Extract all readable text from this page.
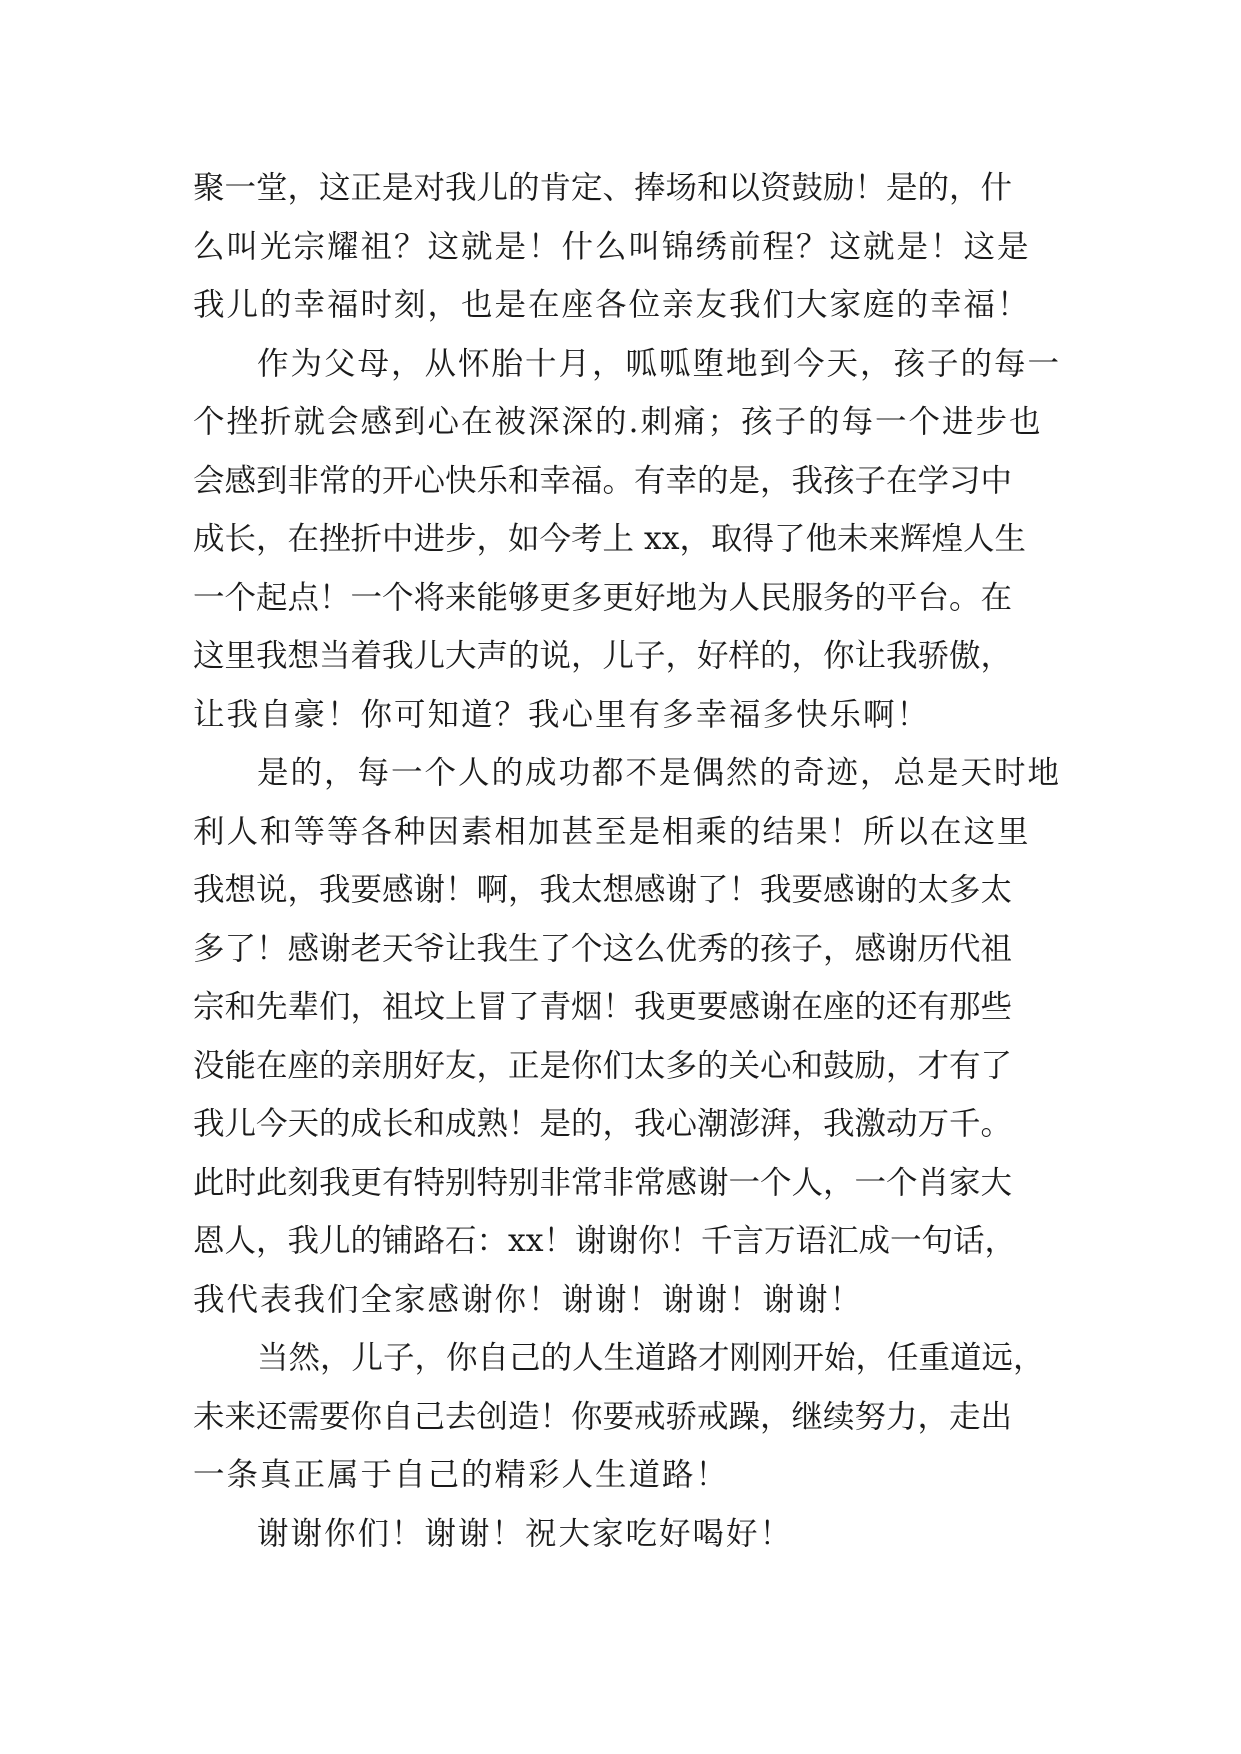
聚一堂，这正是对我儿的肯定、捧场和以资鼓励！是的，什
么叫光宗耀祖？这就是！什么叫锦绣前程？这就是！这是
我儿的幸福时刻，也是在座各位亲友我们大家庭的幸福！
作为父母，从怀胎十月，呱呱堕地到今天，孩子的每一
个挫折就会感到心在被深深的.刺痛；孩子的每一个进步也
会感到非常的开心快乐和幸福。有幸的是，我孩子在学习中
成长，在挫折中进步，如今考上 xx，取得了他未来辉煌人生
一个起点！一个将来能够更多更好地为人民服务的平台。在
这里我想当着我儿大声的说，儿子，好样的，你让我骄傲，
让我自豪！你可知道？我心里有多幸福多快乐啊！
是的，每一个人的成功都不是偶然的奇迹，总是天时地
利人和等等各种因素相加甚至是相乘的结果！所以在这里
我想说，我要感谢！啊，我太想感谢了！我要感谢的太多太
多了！感谢老天爷让我生了个这么优秀的孩子，感谢历代祖
宗和先辈们，祖坟上冒了青烟！我更要感谢在座的还有那些
没能在座的亲朋好友，正是你们太多的关心和鼓励，才有了
我儿今天的成长和成熟！是的，我心潮澎湃，我激动万千。
此时此刻我更有特别特别非常非常感谢一个人，一个肖家大
恩人，我儿的铺路石：xx！谢谢你！千言万语汇成一句话，
我代表我们全家感谢你！谢谢！谢谢！谢谢！
当然，儿子，你自己的人生道路才刚刚开始，任重道远，
未来还需要你自己去创造！你要戒骄戒躁，继续努力，走出
一条真正属于自己的精彩人生道路！
谢谢你们！谢谢！祝大家吃好喝好！
